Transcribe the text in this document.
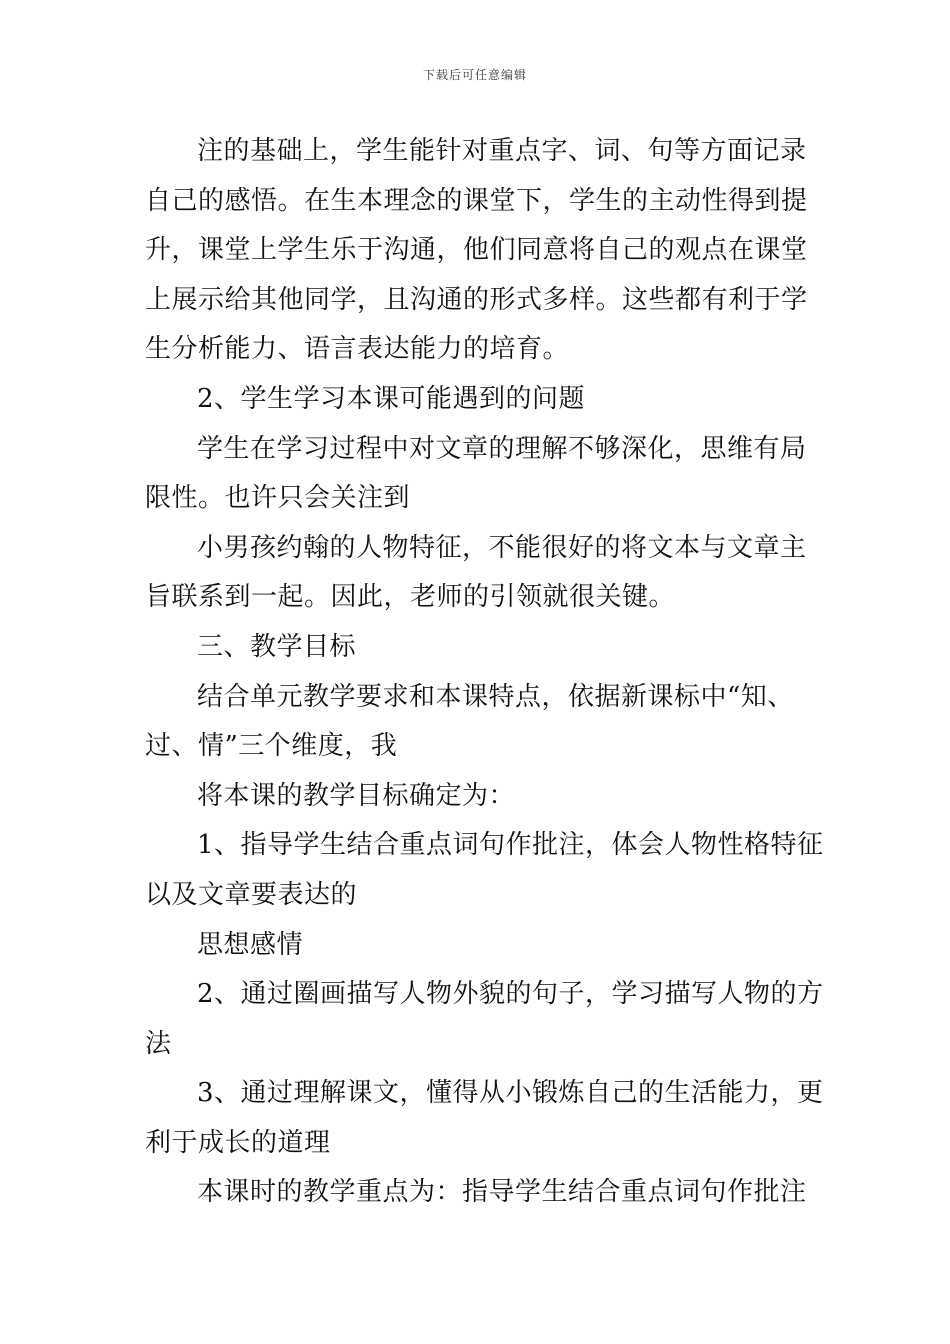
下载后可任意编辑
注的基础上，学生能针对重点字、词、句等方面记录
自己的感悟。在生本理念的课堂下，学生的主动性得到提
升，课堂上学生乐于沟通，他们同意将自己的观点在课堂
上展示给其他同学，且沟通的形式多样。这些都有利于学
生分析能力、语言表达能力的培育。
2、学生学习本课可能遇到的问题
学生在学习过程中对文章的理解不够深化，思维有局
限性。也许只会关注到
小男孩约翰的人物特征，不能很好的将文本与文章主
旨联系到一起。因此，老师的引领就很关键。
三、教学目标
结合单元教学要求和本课特点，依据新课标中“知、
过、情”三个维度，我
将本课的教学目标确定为：
1、指导学生结合重点词句作批注，体会人物性格特征
以及文章要表达的
思想感情
2、通过圈画描写人物外貌的句子，学习描写人物的方
法
3、通过理解课文，懂得从小锻炼自己的生活能力，更
利于成长的道理
本课时的教学重点为：指导学生结合重点词句作批注
